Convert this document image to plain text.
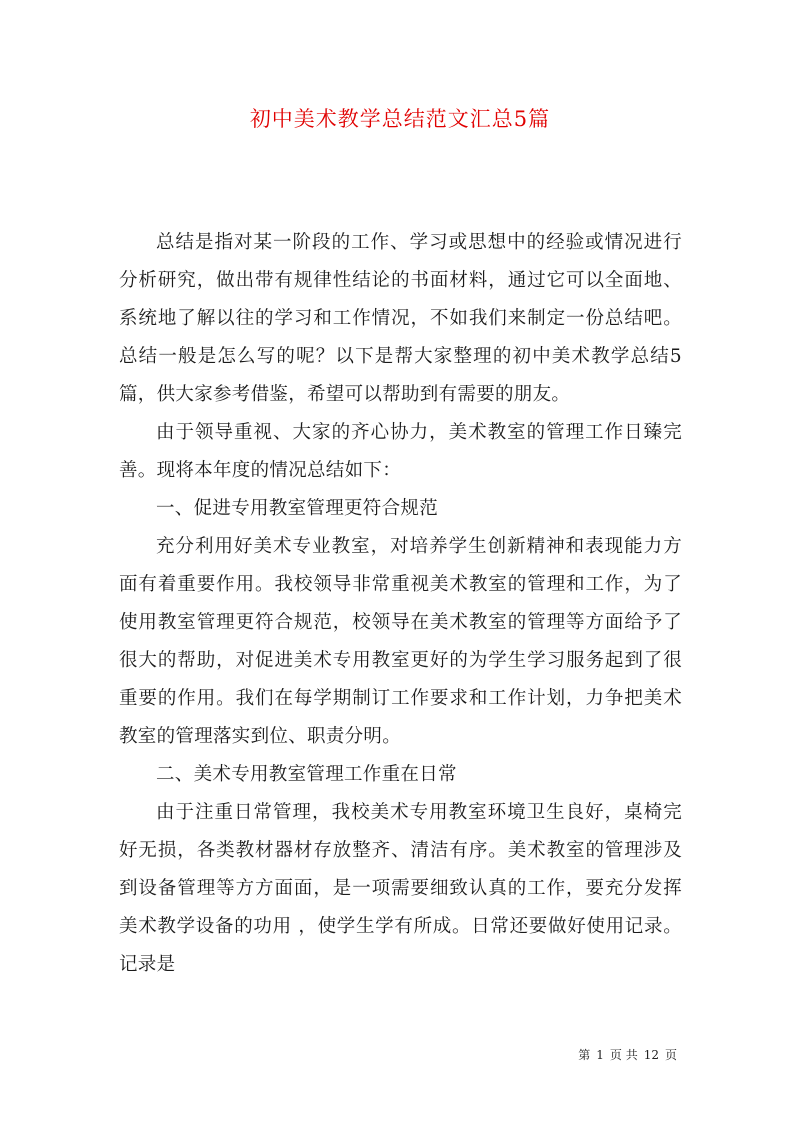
初中美术教学总结范文汇总5篇

总结是指对某一阶段的工作、学习或思想中的经验或情况进行分析研究，做出带有规律性结论的书面材料，通过它可以全面地、系统地了解以往的学习和工作情况，不如我们来制定一份总结吧。总结一般是怎么写的呢？以下是帮大家整理的初中美术教学总结5篇，供大家参考借鉴，希望可以帮助到有需要的朋友。

由于领导重视、大家的齐心协力，美术教室的管理工作日臻完善。现将本年度的情况总结如下：

一、促进专用教室管理更符合规范

充分利用好美术专业教室，对培养学生创新精神和表现能力方面有着重要作用。我校领导非常重视美术教室的管理和工作，为了使用教室管理更符合规范，校领导在美术教室的管理等方面给予了很大的帮助，对促进美术专用教室更好的为学生学习服务起到了很重要的作用。我们在每学期制订工作要求和工作计划，力争把美术教室的管理落实到位、职责分明。

二、美术专用教室管理工作重在日常

由于注重日常管理，我校美术专用教室环境卫生良好，桌椅完好无损，各类教材器材存放整齐、清洁有序。美术教室的管理涉及到设备管理等方方面面，是一项需要细致认真的工作，要充分发挥美术教学设备的功用 ，使学生学有所成。日常还要做好使用记录。记录是

第 1 页 共 12 页
